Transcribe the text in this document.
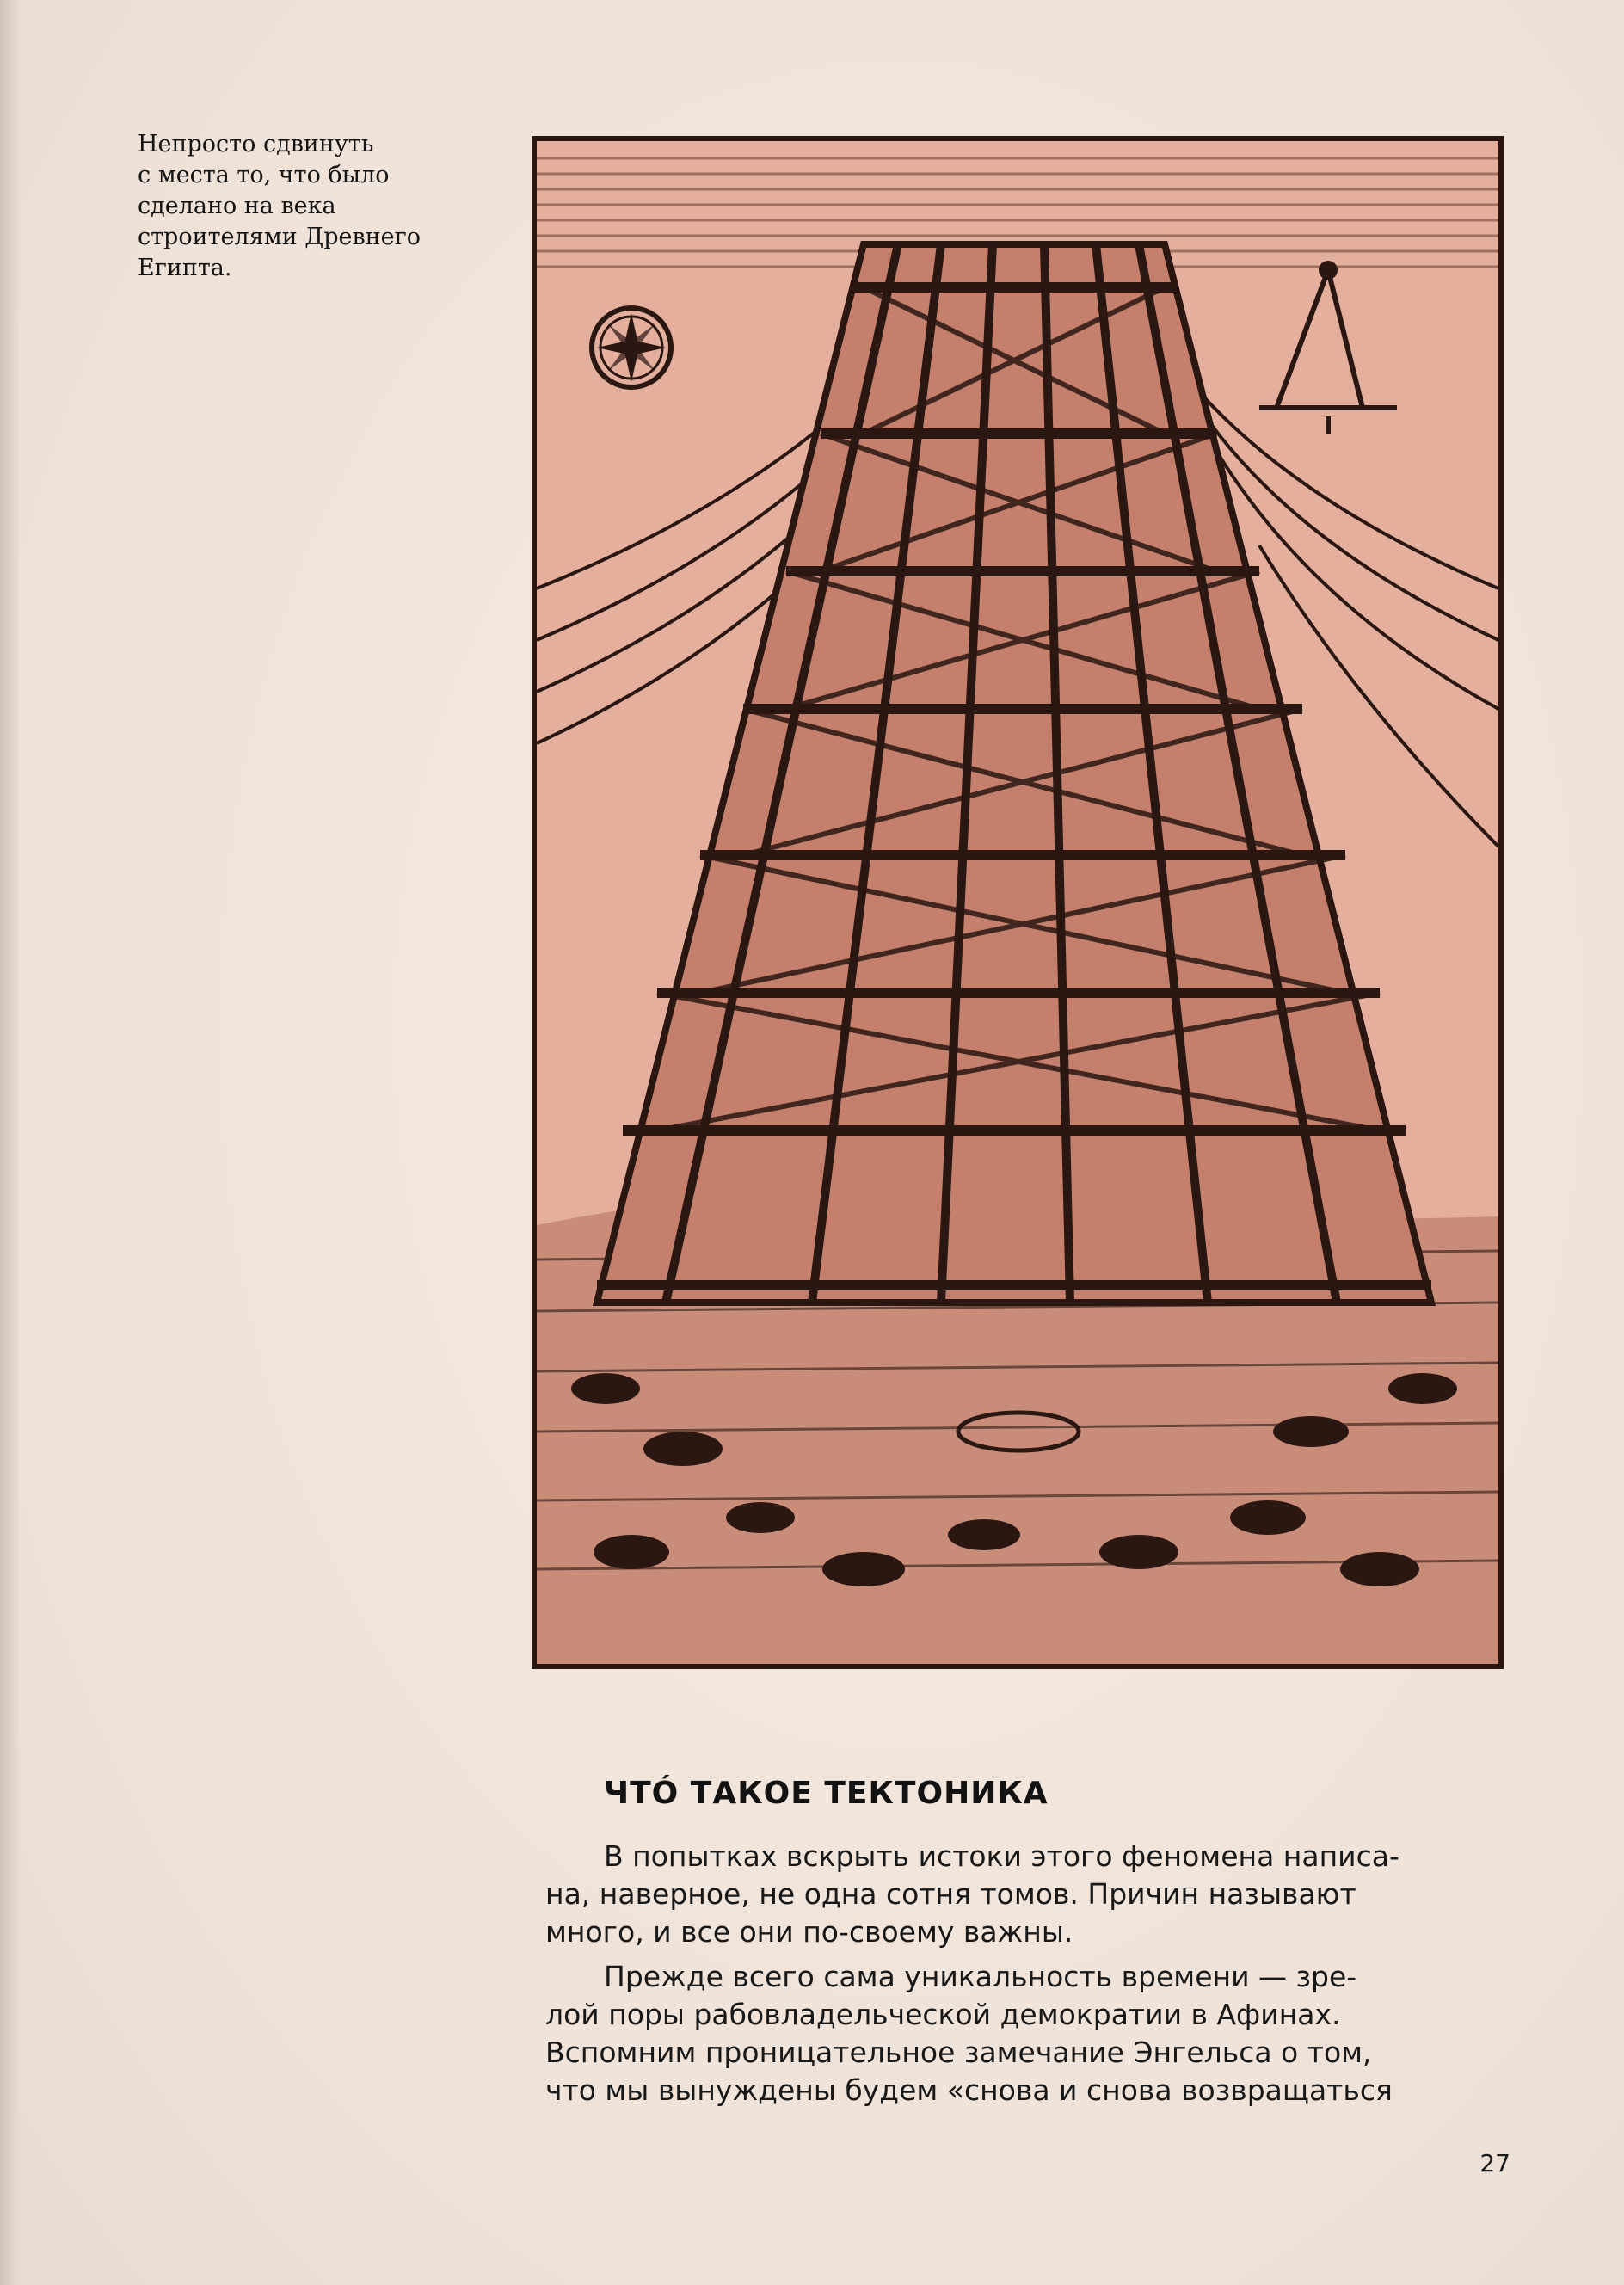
Непросто сдвинуть
с места то, что было
сделано на века
строителями Древнего
Египта.

ЧТÓ ТАКОЕ ТЕКТОНИКА

В попытках вскрыть истоки этого феномена написа-
на, наверное, не одна сотня томов. Причин называют
много, и все они по-своему важны.

Прежде всего сама уникальность времени — зре-
лой поры рабовладельческой демократии в Афинах.
Вспомним проницательное замечание Энгельса о том,
что мы вынуждены будем «снова и снова возвращаться

27
